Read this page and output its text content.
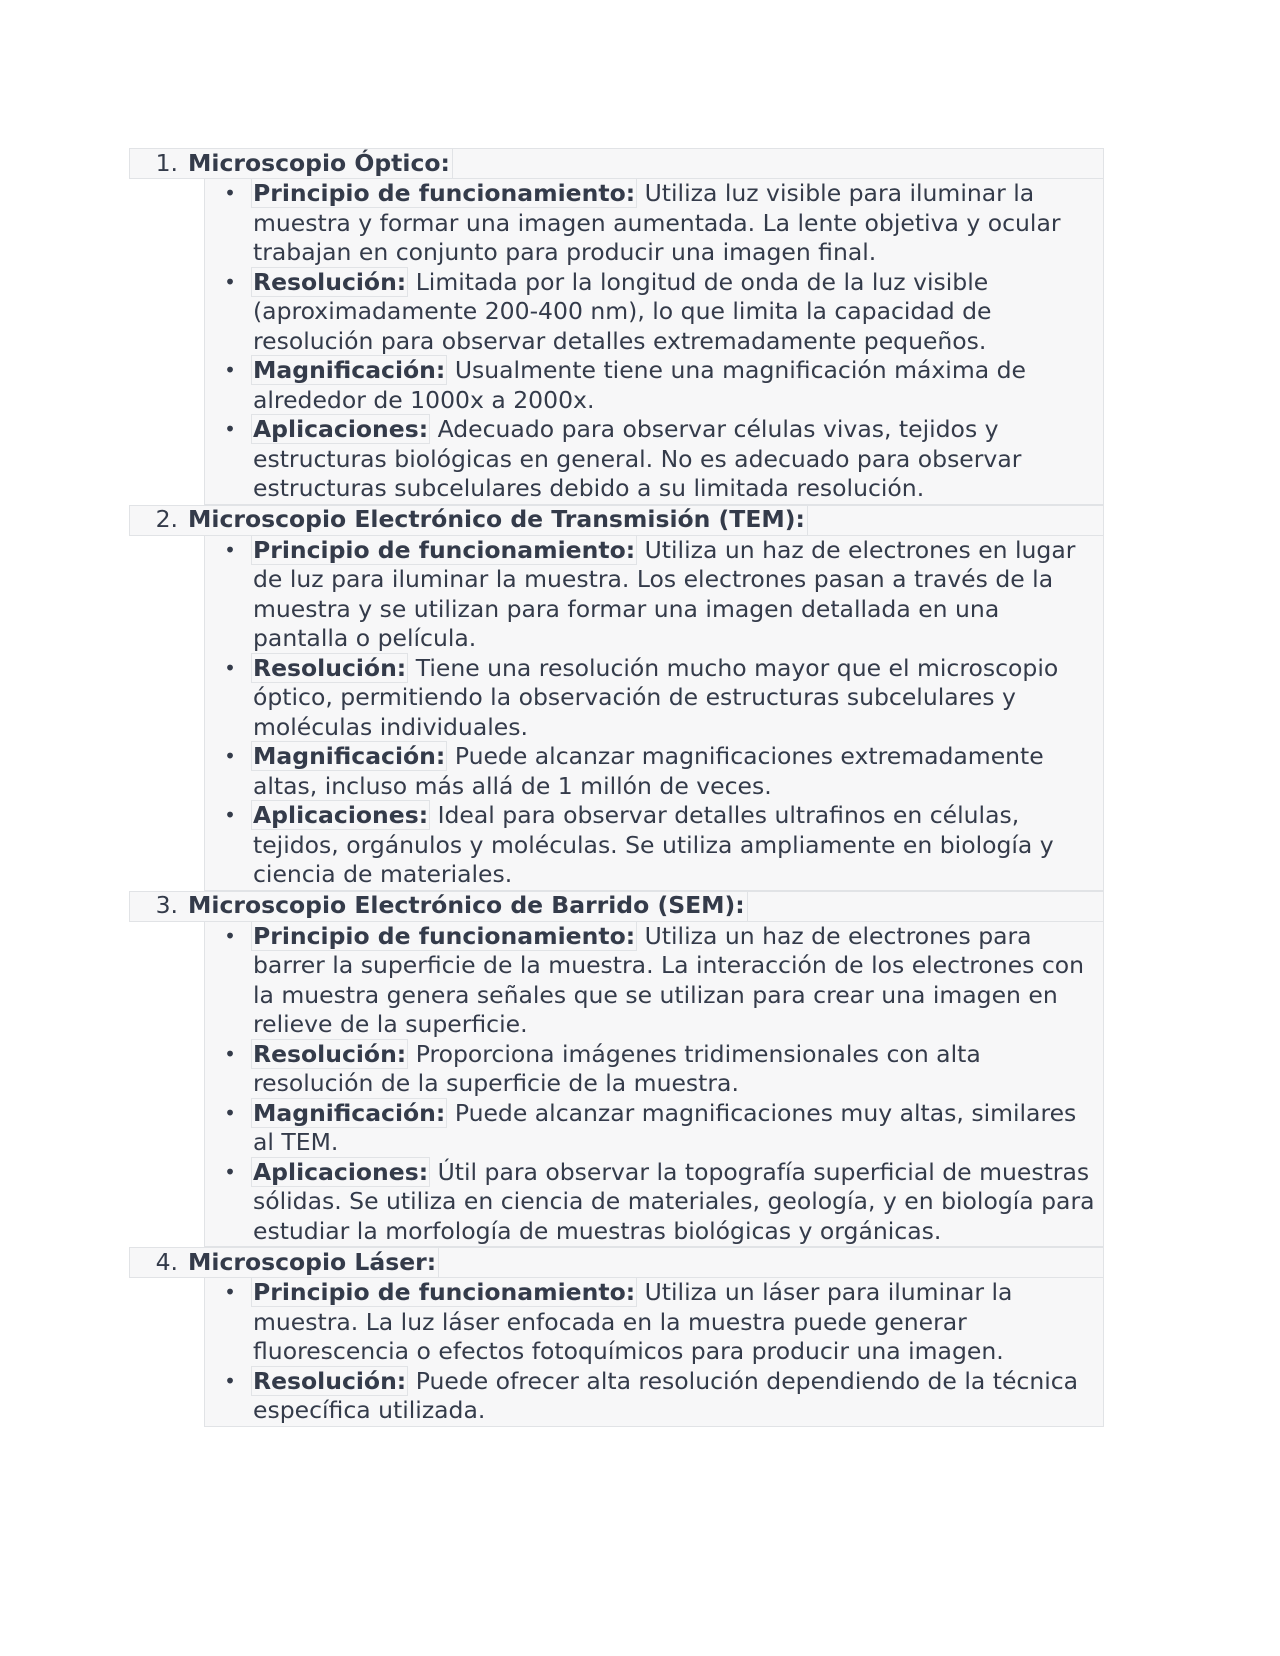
1. Microscopio Óptico:
• Principio de funcionamiento: Utiliza luz visible para iluminar la muestra y formar una imagen aumentada. La lente objetiva y ocular trabajan en conjunto para producir una imagen final.
• Resolución: Limitada por la longitud de onda de la luz visible (aproximadamente 200-400 nm), lo que limita la capacidad de resolución para observar detalles extremadamente pequeños.
• Magnificación: Usualmente tiene una magnificación máxima de alrededor de 1000x a 2000x.
• Aplicaciones: Adecuado para observar células vivas, tejidos y estructuras biológicas en general. No es adecuado para observar estructuras subcelulares debido a su limitada resolución.
2. Microscopio Electrónico de Transmisión (TEM):
• Principio de funcionamiento: Utiliza un haz de electrones en lugar de luz para iluminar la muestra. Los electrones pasan a través de la muestra y se utilizan para formar una imagen detallada en una pantalla o película.
• Resolución: Tiene una resolución mucho mayor que el microscopio óptico, permitiendo la observación de estructuras subcelulares y moléculas individuales.
• Magnificación: Puede alcanzar magnificaciones extremadamente altas, incluso más allá de 1 millón de veces.
• Aplicaciones: Ideal para observar detalles ultrafinos en células, tejidos, orgánulos y moléculas. Se utiliza ampliamente en biología y ciencia de materiales.
3. Microscopio Electrónico de Barrido (SEM):
• Principio de funcionamiento: Utiliza un haz de electrones para barrer la superficie de la muestra. La interacción de los electrones con la muestra genera señales que se utilizan para crear una imagen en relieve de la superficie.
• Resolución: Proporciona imágenes tridimensionales con alta resolución de la superficie de la muestra.
• Magnificación: Puede alcanzar magnificaciones muy altas, similares al TEM.
• Aplicaciones: Útil para observar la topografía superficial de muestras sólidas. Se utiliza en ciencia de materiales, geología, y en biología para estudiar la morfología de muestras biológicas y orgánicas.
4. Microscopio Láser:
• Principio de funcionamiento: Utiliza un láser para iluminar la muestra. La luz láser enfocada en la muestra puede generar fluorescencia o efectos fotoquímicos para producir una imagen.
• Resolución: Puede ofrecer alta resolución dependiendo de la técnica específica utilizada.
